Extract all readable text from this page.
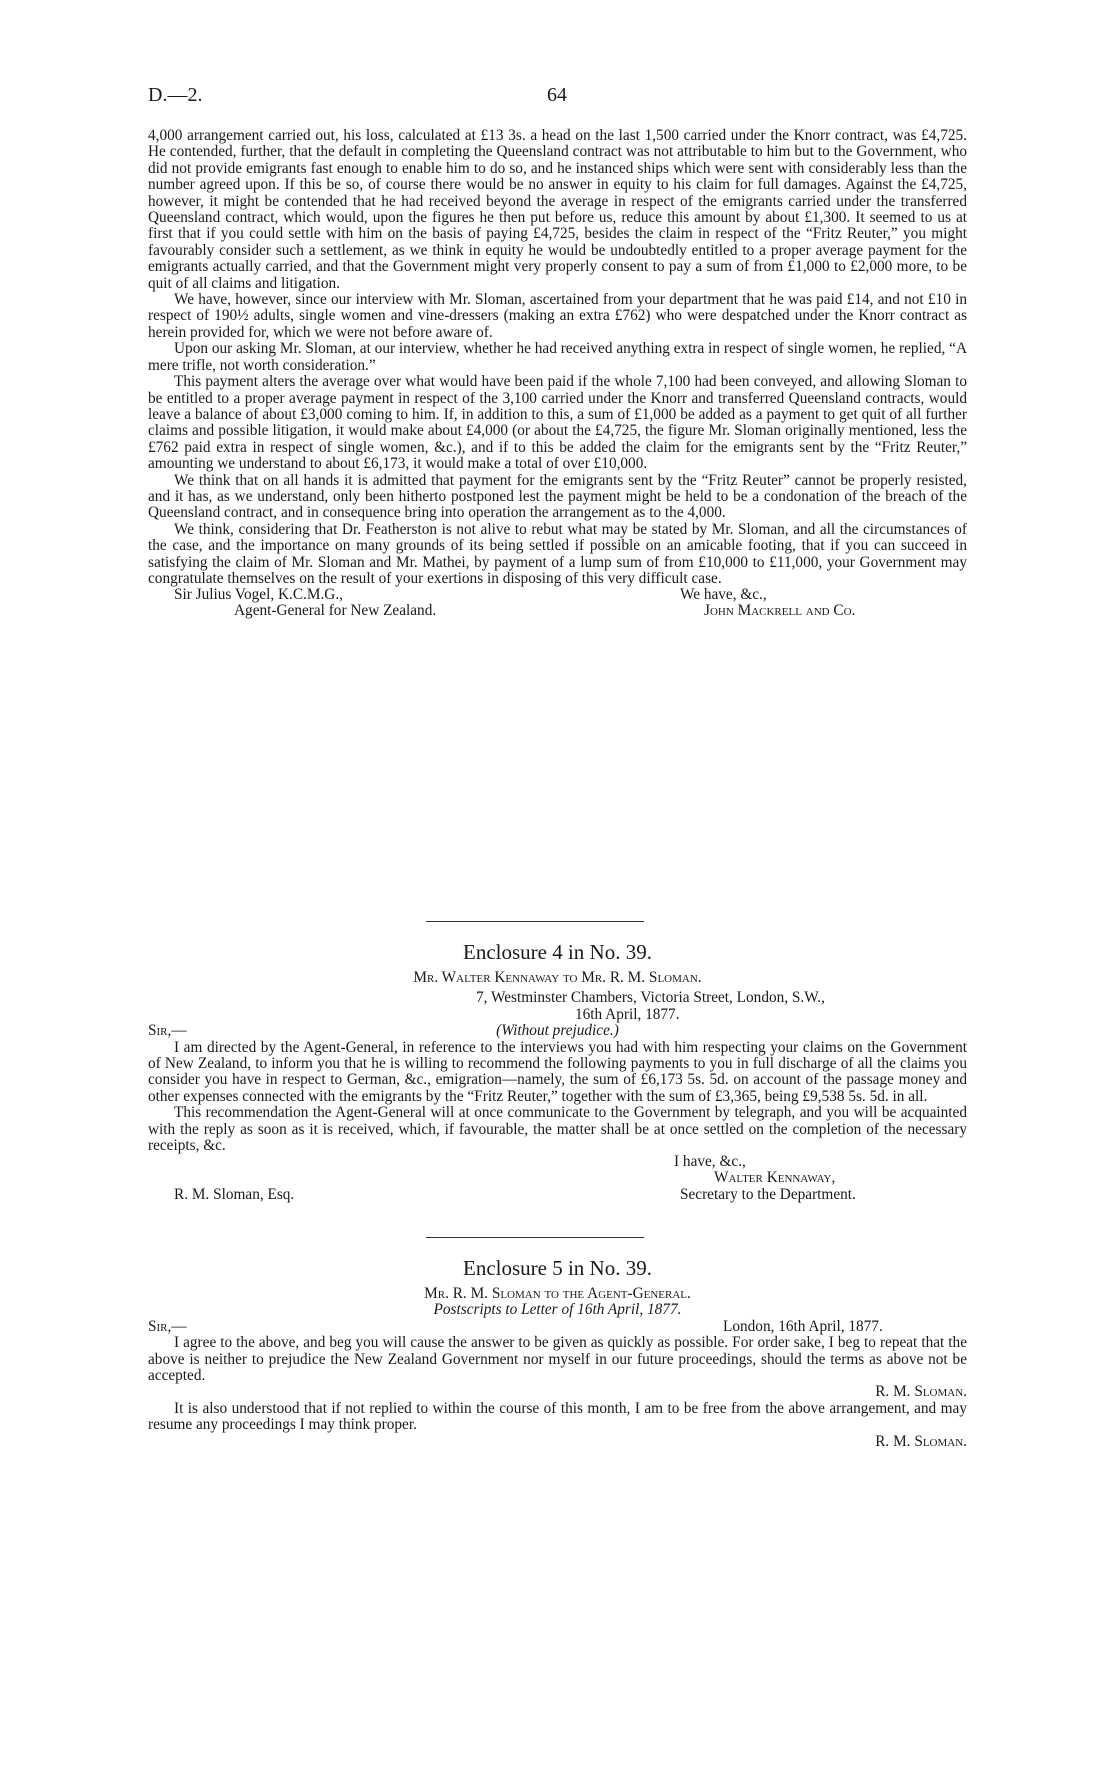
D.—2.	64

4,000 arrangement carried out, his loss, calculated at £13 3s. a head on the last 1,500 carried under the Knorr contract, was £4,725. He contended, further, that the default in completing the Queensland contract was not attributable to him but to the Government, who did not provide emigrants fast enough to enable him to do so, and he instanced ships which were sent with considerably less than the number agreed upon. If this be so, of course there would be no answer in equity to his claim for full damages. Against the £4,725, however, it might be contended that he had received beyond the average in respect of the emigrants carried under the transferred Queensland contract, which would, upon the figures he then put before us, reduce this amount by about £1,300. It seemed to us at first that if you could settle with him on the basis of paying £4,725, besides the claim in respect of the “Fritz Reuter,” you might favourably consider such a settlement, as we think in equity he would be undoubtedly entitled to a proper average payment for the emigrants actually carried, and that the Government might very properly consent to pay a sum of from £1,000 to £2,000 more, to be quit of all claims and litigation.

We have, however, since our interview with Mr. Sloman, ascertained from your department that he was paid £14, and not £10 in respect of 190½ adults, single women and vine-dressers (making an extra £762) who were despatched under the Knorr contract as herein provided for, which we were not before aware of.

Upon our asking Mr. Sloman, at our interview, whether he had received anything extra in respect of single women, he replied, “A mere trifle, not worth consideration.”

This payment alters the average over what would have been paid if the whole 7,100 had been conveyed, and allowing Sloman to be entitled to a proper average payment in respect of the 3,100 carried under the Knorr and transferred Queensland contracts, would leave a balance of about £3,000 coming to him. If, in addition to this, a sum of £1,000 be added as a payment to get quit of all further claims and possible litigation, it would make about £4,000 (or about the £4,725, the figure Mr. Sloman originally mentioned, less the £762 paid extra in respect of single women, &c.), and if to this be added the claim for the emigrants sent by the “Fritz Reuter,” amounting we understand to about £6,173, it would make a total of over £10,000.

We think that on all hands it is admitted that payment for the emigrants sent by the “Fritz Reuter” cannot be properly resisted, and it has, as we understand, only been hitherto postponed lest the payment might be held to be a condonation of the breach of the Queensland contract, and in consequence bring into operation the arrangement as to the 4,000.

We think, considering that Dr. Featherston is not alive to rebut what may be stated by Mr. Sloman, and all the circumstances of the case, and the importance on many grounds of its being settled if possible on an amicable footing, that if you can succeed in satisfying the claim of Mr. Sloman and Mr. Mathei, by payment of a lump sum of from £10,000 to £11,000, your Government may congratulate themselves on the result of your exertions in disposing of this very difficult case.

Sir Julius Vogel, K.C.M.G.,
Agent-General for New Zealand.
We have, &c.,
John Mackrell and Co.
Enclosure 4 in No. 39.
Mr. Walter Kennaway to Mr. R. M. Sloman.
7, Westminster Chambers, Victoria Street, London, S.W.,
Sir,—
16th April, 1877.
(Without prejudice.)

I am directed by the Agent-General, in reference to the interviews you had with him respecting your claims on the Government of New Zealand, to inform you that he is willing to recommend the following payments to you in full discharge of all the claims you consider you have in respect to German, &c., emigration—namely, the sum of £6,173 5s. 5d. on account of the passage money and other expenses connected with the emigrants by the “Fritz Reuter,” together with the sum of £3,365, being £9,538 5s. 5d. in all.

This recommendation the Agent-General will at once communicate to the Government by telegraph, and you will be acquainted with the reply as soon as it is received, which, if favourable, the matter shall be at once settled on the completion of the necessary receipts, &c.

I have, &c.,
Walter Kennaway,
Secretary to the Department.
R. M. Sloman, Esq.
Enclosure 5 in No. 39.
Mr. R. M. Sloman to the Agent-General.
Postscripts to Letter of 16th April, 1877.
Sir,—	London, 16th April, 1877.

I agree to the above, and beg you will cause the answer to be given as quickly as possible. For order sake, I beg to repeat that the above is neither to prejudice the New Zealand Government nor myself in our future proceedings, should the terms as above not be accepted.

R. M. Sloman.

It is also understood that if not replied to within the course of this month, I am to be free from the above arrangement, and may resume any proceedings I may think proper.

R. M. Sloman.
